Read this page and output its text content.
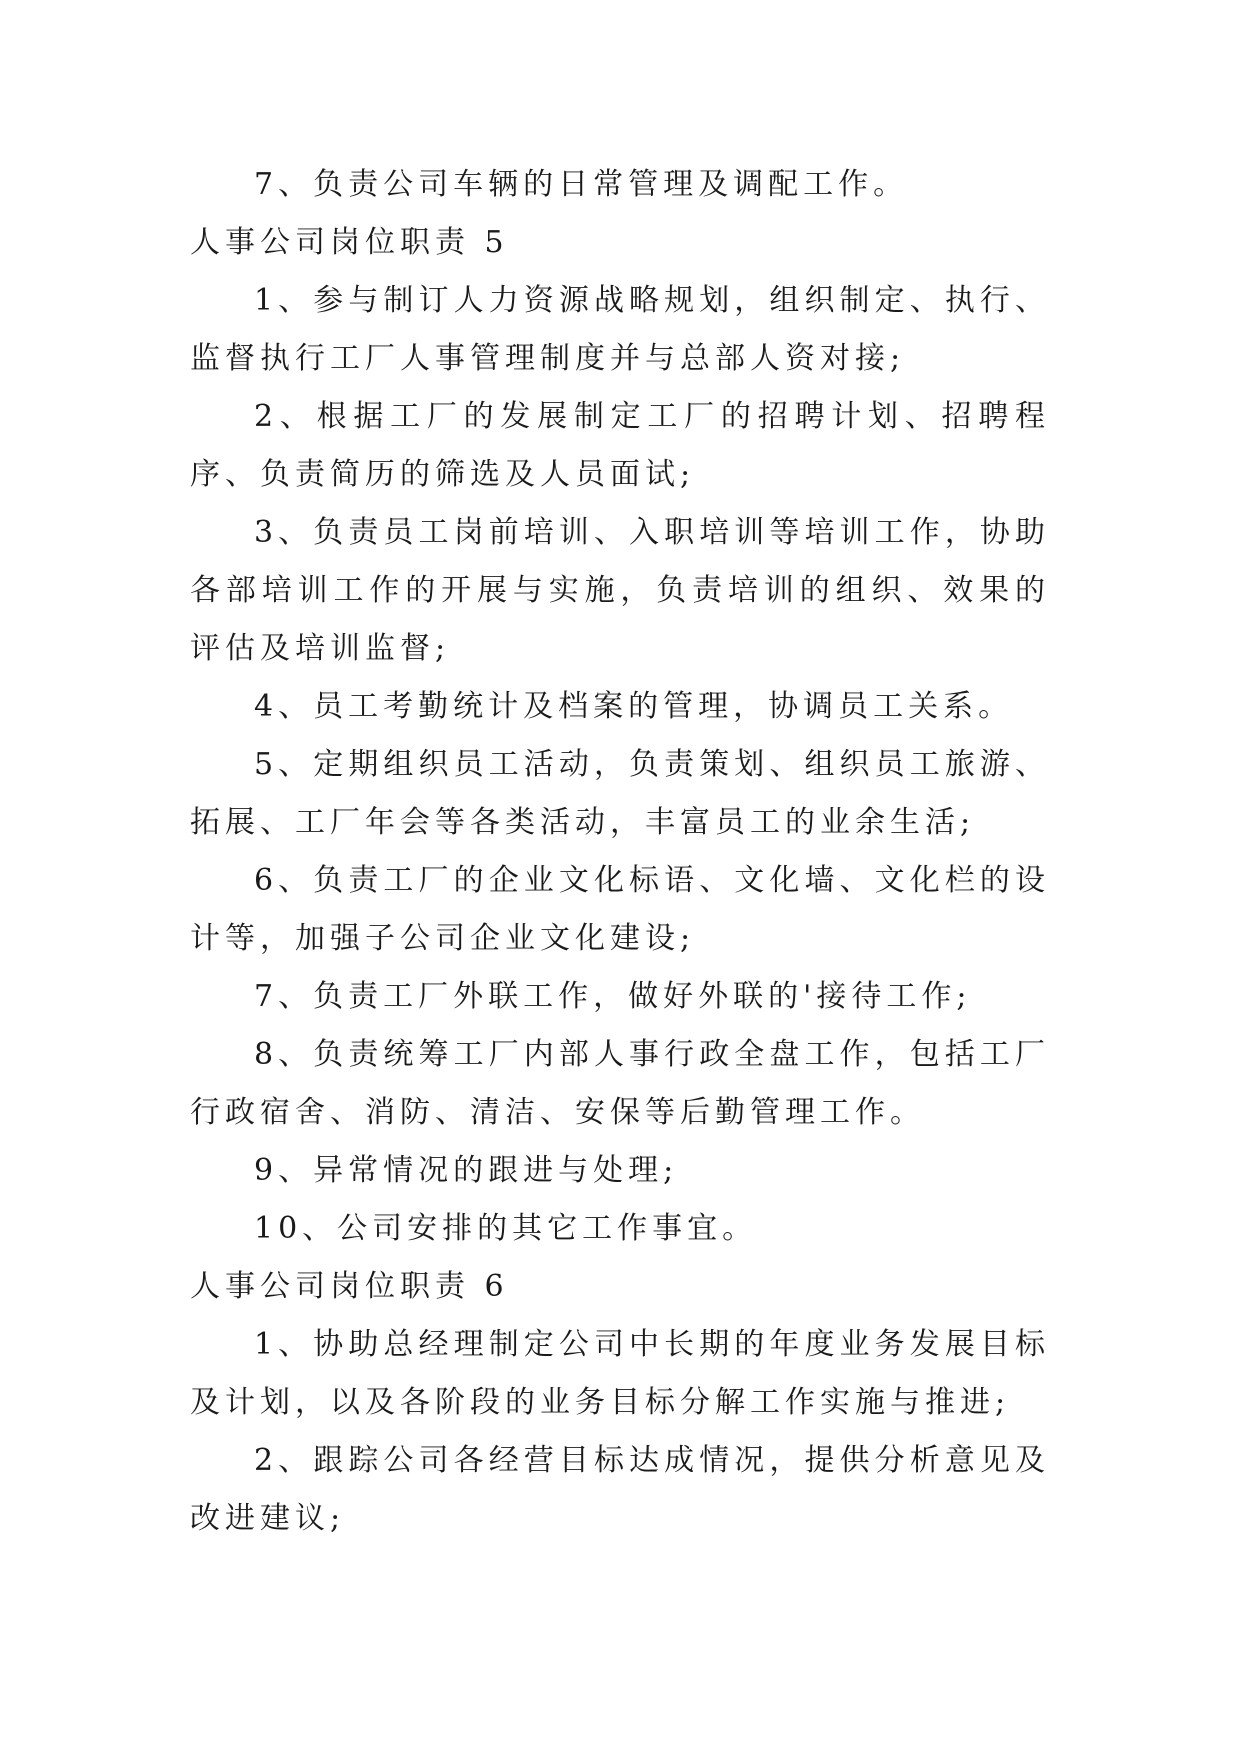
7、负责公司车辆的日常管理及调配工作。

人事公司岗位职责 5

1、参与制订人力资源战略规划，组织制定、执行、监督执行工厂人事管理制度并与总部人资对接;

2、根据工厂的发展制定工厂的招聘计划、招聘程序、负责简历的筛选及人员面试;

3、负责员工岗前培训、入职培训等培训工作，协助各部培训工作的开展与实施，负责培训的组织、效果的评估及培训监督;

4、员工考勤统计及档案的管理，协调员工关系。

5、定期组织员工活动，负责策划、组织员工旅游、拓展、工厂年会等各类活动，丰富员工的业余生活;

6、负责工厂的企业文化标语、文化墙、文化栏的设计等，加强子公司企业文化建设;

7、负责工厂外联工作，做好外联的'接待工作;

8、负责统筹工厂内部人事行政全盘工作，包括工厂行政宿舍、消防、清洁、安保等后勤管理工作。

9、异常情况的跟进与处理;

10、公司安排的其它工作事宜。

人事公司岗位职责 6

1、协助总经理制定公司中长期的年度业务发展目标及计划，以及各阶段的业务目标分解工作实施与推进;

2、跟踪公司各经营目标达成情况，提供分析意见及改进建议;
